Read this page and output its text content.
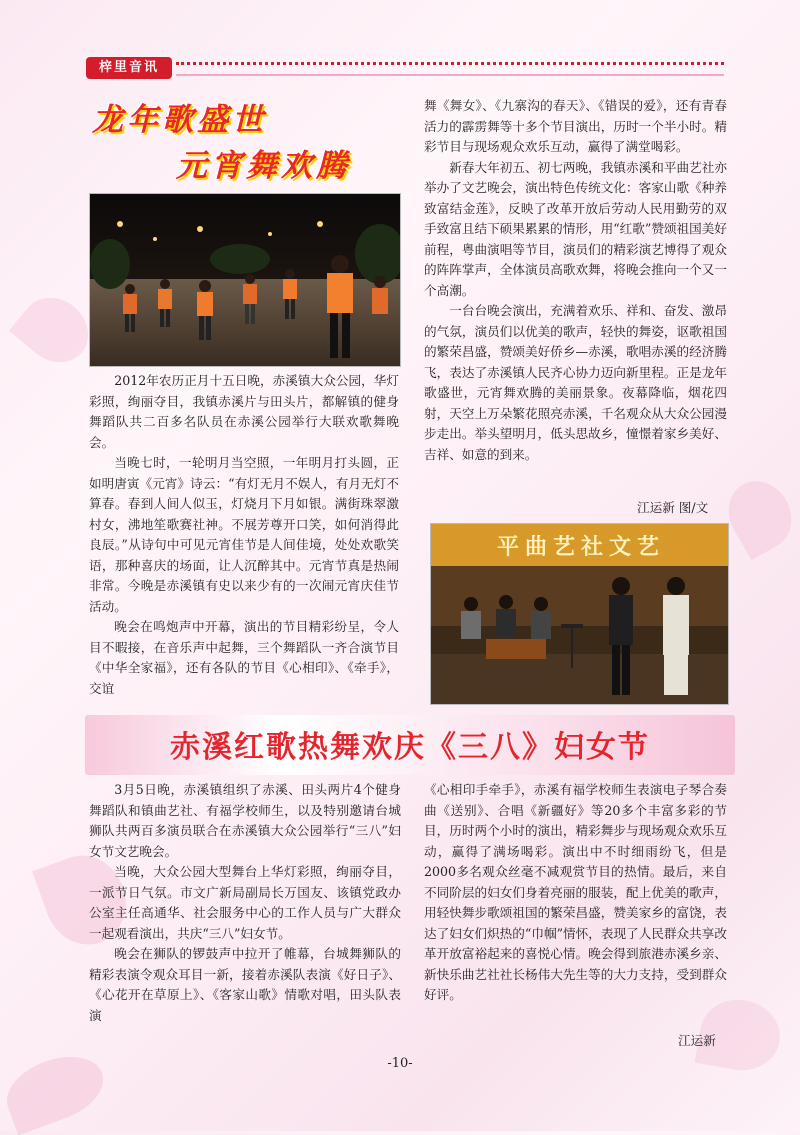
梓里音讯
龙年歌盛世
元宵舞欢腾

2012年农历正月十五日晚，赤溪镇大众公园，华灯彩照，绚丽夺目，我镇赤溪片与田头片，都解镇的健身舞蹈队共二百多名队员在赤溪公园举行大联欢歌舞晚会。

当晚七时，一轮明月当空照，一年明月打头圆，正如明唐寅《元宵》诗云：“有灯无月不娱人，有月无灯不算春。春到人间人似玉，灯烧月下月如银。满街珠翠激村女，沸地笙歌赛社神。不展芳尊开口笑，如何消得此良辰。”从诗句中可见元宵佳节是人间佳境，处处欢歌笑语，那种喜庆的场面，让人沉醉其中。元宵节真是热闹非常。今晚是赤溪镇有史以来少有的一次闹元宵庆佳节活动。

晚会在鸣炮声中开幕，演出的节目精彩纷呈，令人目不暇接，在音乐声中起舞，三个舞蹈队一齐合演节目《中华全家福》，还有各队的节目《心相印》、《牵手》，交谊

舞《舞女》、《九寨沟的春天》、《错误的爱》，还有青春活力的霹雳舞等十多个节目演出，历时一个半小时。精彩节目与现场观众欢乐互动，赢得了满堂喝彩。

新春大年初五、初七两晚，我镇赤溪和平曲艺社亦举办了文艺晚会，演出特色传统文化：客家山歌《种养致富结金莲》，反映了改革开放后劳动人民用勤劳的双手致富且结下硕果累累的情形，用“红歌”赞颂祖国美好前程，粤曲演唱等节目，演员们的精彩演艺博得了观众的阵阵掌声，全体演员高歌欢舞，将晚会推向一个又一个高潮。

一台台晚会演出，充满着欢乐、祥和、奋发、激昂的气氛，演员们以优美的歌声，轻快的舞姿，讴歌祖国的繁荣昌盛，赞颂美好侨乡—赤溪，歌唱赤溪的经济腾飞，表达了赤溪镇人民齐心协力迈向新里程。正是龙年歌盛世，元宵舞欢腾的美丽景象。夜幕降临，烟花四射，天空上万朵繁花照亮赤溪，千名观众从大众公园漫步走出。举头望明月，低头思故乡，憧憬着家乡美好、吉祥、如意的到来。

江运新 图/文
平曲艺社文艺
赤溪红歌热舞欢庆《三八》妇女节

3月5日晚，赤溪镇组织了赤溪、田头两片4个健身舞蹈队和镇曲艺社、有福学校师生，以及特别邀请台城狮队共两百多演员联合在赤溪镇大众公园举行“三八”妇女节文艺晚会。

当晚，大众公园大型舞台上华灯彩照，绚丽夺目，一派节日气氛。市文广新局副局长万国友、该镇党政办公室主任高通华、社会服务中心的工作人员与广大群众一起观看演出，共庆“三八”妇女节。

晚会在狮队的锣鼓声中拉开了帷幕，台城舞狮队的精彩表演令观众耳目一新，接着赤溪队表演《好日子》、《心花开在草原上》、《客家山歌》情歌对唱，田头队表演

《心相印手牵手》，赤溪有福学校师生表演电子琴合奏曲《送别》、合唱《新疆好》等20多个丰富多彩的节目，历时两个小时的演出，精彩舞步与现场观众欢乐互动，赢得了满场喝彩。演出中不时细雨纷飞，但是2000多名观众丝毫不减观赏节目的热情。最后，来自不同阶层的妇女们身着亮丽的服装，配上优美的歌声，用轻快舞步歌颂祖国的繁荣昌盛，赞美家乡的富饶，表达了妇女们炽热的“巾帼”情怀，表现了人民群众共享改革开放富裕起来的喜悦心情。晚会得到旅港赤溪乡亲、新快乐曲艺社社长杨伟大先生等的大力支持，受到群众好评。

江运新
-10-
